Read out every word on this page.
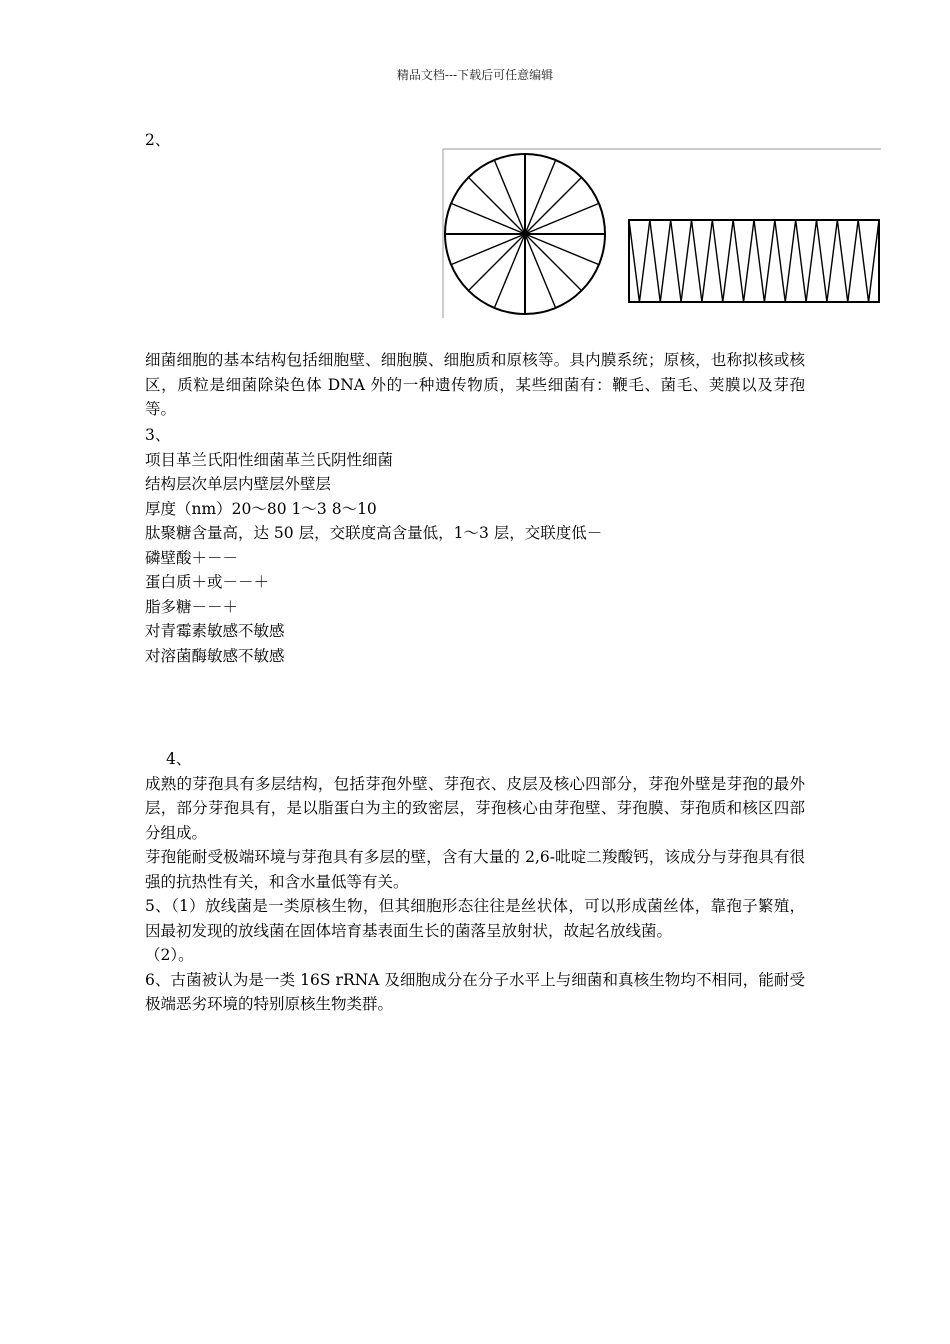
精品文档---下载后可任意编辑
2、
细菌细胞的基本结构包括细胞壁、细胞膜、细胞质和原核等。具内膜系统；原核，也称拟核或核区，质粒是细菌除染色体 DNA 外的一种遗传物质，某些细菌有：鞭毛、菌毛、荚膜以及芽孢等。
3、
项目革兰氏阳性细菌革兰氏阴性细菌
结构层次单层内壁层外壁层
厚度（nm）20～80 1～3 8～10
肽聚糖含量高，达 50 层，交联度高含量低，1～3 层，交联度低－
磷壁酸＋－－
蛋白质＋或－－＋
脂多糖－－＋
对青霉素敏感不敏感
对溶菌酶敏感不敏感
4、
成熟的芽孢具有多层结构，包括芽孢外壁、芽孢衣、皮层及核心四部分，芽孢外壁是芽孢的最外层，部分芽孢具有，是以脂蛋白为主的致密层，芽孢核心由芽孢壁、芽孢膜、芽孢质和核区四部分组成。
芽孢能耐受极端环境与芽孢具有多层的壁，含有大量的 2,6-吡啶二羧酸钙，该成分与芽孢具有很强的抗热性有关，和含水量低等有关。
5、（1）放线菌是一类原核生物，但其细胞形态往往是丝状体，可以形成菌丝体，靠孢子繁殖，因最初发现的放线菌在固体培育基表面生长的菌落呈放射状，故起名放线菌。
（2）。
6、古菌被认为是一类 16S rRNA 及细胞成分在分子水平上与细菌和真核生物均不相同，能耐受极端恶劣环境的特别原核生物类群。
